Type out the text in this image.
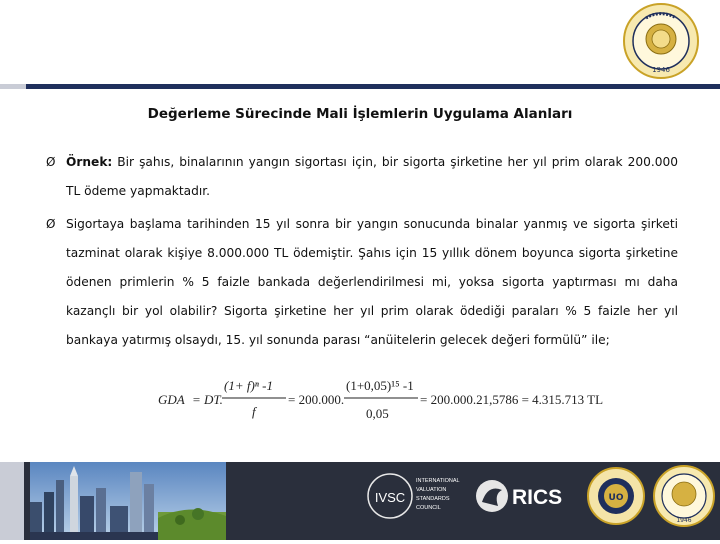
1946
Değerleme Sürecinde Mali İşlemlerin Uygulama Alanları
Ø Örnek: Bir şahıs, binalarının yangın sigortası için, bir sigorta şirketine her yıl prim olarak 200.000 TL ödeme yapmaktadır.
Ø Sigortaya başlama tarihinden 15 yıl sonra bir yangın sonucunda binalar yanmış ve sigorta şirketi tazminat olarak kişiye 8.000.000 TL ödemiştir. Şahıs için 15 yıllık dönem boyunca sigorta şirketine ödenen primlerin % 5 faizle bankada değerlendirilmesi mi, yoksa sigorta yaptırması mı daha kazançlı bir yol olabilir? Sigorta şirketine her yıl prim olarak ödediği paraları % 5 faizle her yıl bankaya yatırmış olsaydı, 15. yıl sonunda parası “anüitelerin gelecek değeri formülü” ile;
GDA = DT.
(1+ f)ⁿ -1
f
= 200.000.
(1+0,05)¹⁵ -1
0,05
= 200.000.21,5786 = 4.315.713 TL
IVSC
INTERNATIONAL VALUATION STANDARDS COUNCIL	RICS	UO
1946
